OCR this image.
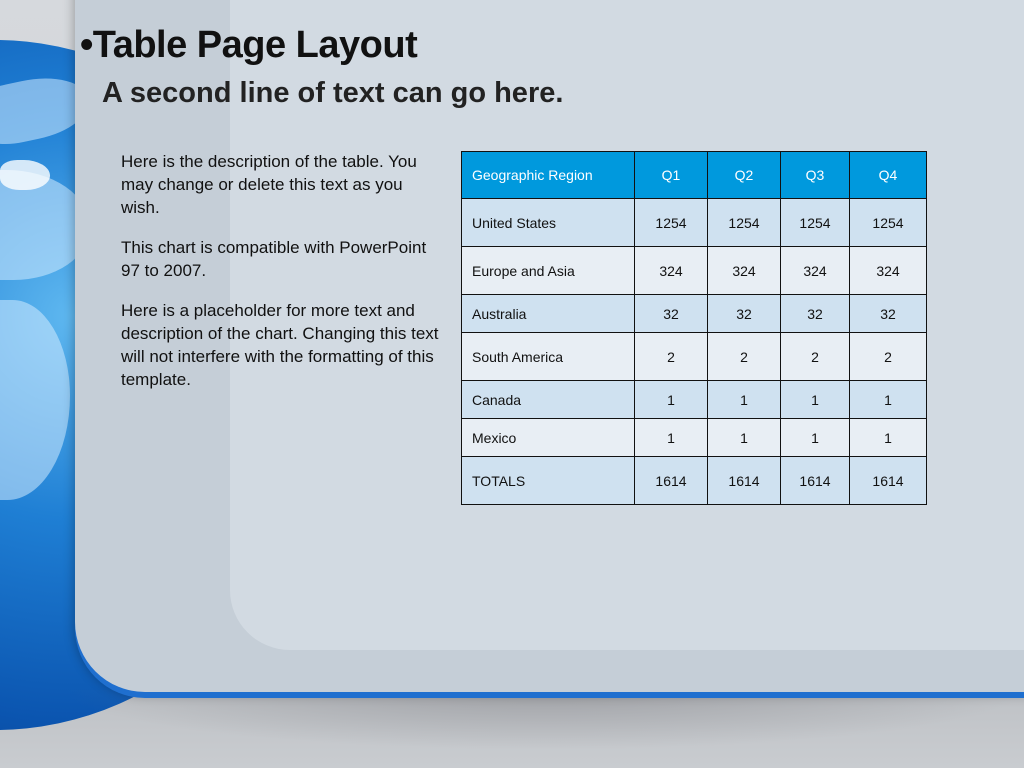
•Table Page Layout
A second line of text can go here.

Here is the description of the table. You may change or delete this text as you wish.

This chart is compatible with PowerPoint 97 to 2007.

Here is a placeholder for more text and description of the chart. Changing this text will not interfere with the formatting of this template.

Geographic Region	Q1	Q2	Q3	Q4
United States	1254	1254	1254	1254
Europe and Asia	324	324	324	324
Australia	32	32	32	32
South America	2	2	2	2
Canada	1	1	1	1
Mexico	1	1	1	1
TOTALS	1614	1614	1614	1614
